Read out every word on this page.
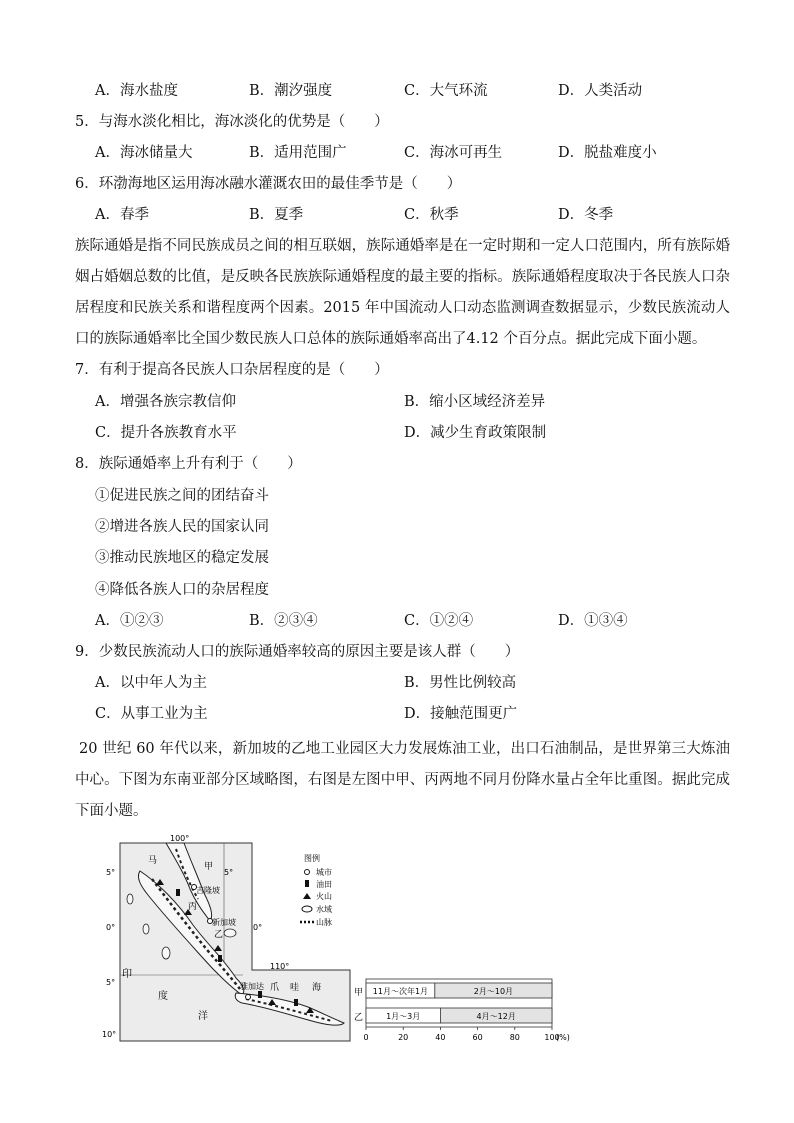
A．海水盐度	B．潮汐强度	C．大气环流	D．人类活动
5．与海水淡化相比，海冰淡化的优势是（　　）
A．海冰储量大	B．适用范围广	C．海冰可再生	D．脱盐难度小
6．环渤海地区运用海冰融水灌溉农田的最佳季节是（　　）
A．春季	B．夏季	C．秋季	D．冬季
族际通婚是指不同民族成员之间的相互联姻，族际通婚率是在一定时期和一定人口范围内，所有族际婚姻占婚姻总数的比值，是反映各民族族际通婚程度的最主要的指标。族际通婚程度取决于各民族人口杂居程度和民族关系和谐程度两个因素。2015 年中国流动人口动态监测调查数据显示，少数民族流动人口的族际通婚率比全国少数民族人口总体的族际通婚率高出了4.12 个百分点。据此完成下面小题。
7．有利于提高各民族人口杂居程度的是（　　）
A．增强各族宗教信仰	B．缩小区域经济差异
C．提升各族教育水平	D．减少生育政策限制
8．族际通婚率上升有利于（　　）
①促进民族之间的团结奋斗
②增进各族人民的国家认同
③推动民族地区的稳定发展
④降低各族人口的杂居程度
A．①②③	B．②③④	C．①②④	D．①③④
9．少数民族流动人口的族际通婚率较高的原因主要是该人群（　　）
A．以中年人为主	B．男性比例较高
C．从事工业为主	D．接触范围更广
20 世纪 60 年代以来，新加坡的乙地工业园区大力发展炼油工业，出口石油制品，是世界第三大炼油中心。下图为东南亚部分区域略图，右图是左图中甲、丙两地不同月份降水量占全年比重图。据此完成下面小题。
100°
110°
5°
0°
5°
10°
5°
0°
马
甲
吉隆坡
丙
新加坡
乙
雅加达 爪 哇 海
印
度
洋
图例
城市
油田
火山
水域
山脉
甲 11月～次年1月	2月～10月
乙	1月～3月	4月～12月
0	20	40	60	80	100
(%)
